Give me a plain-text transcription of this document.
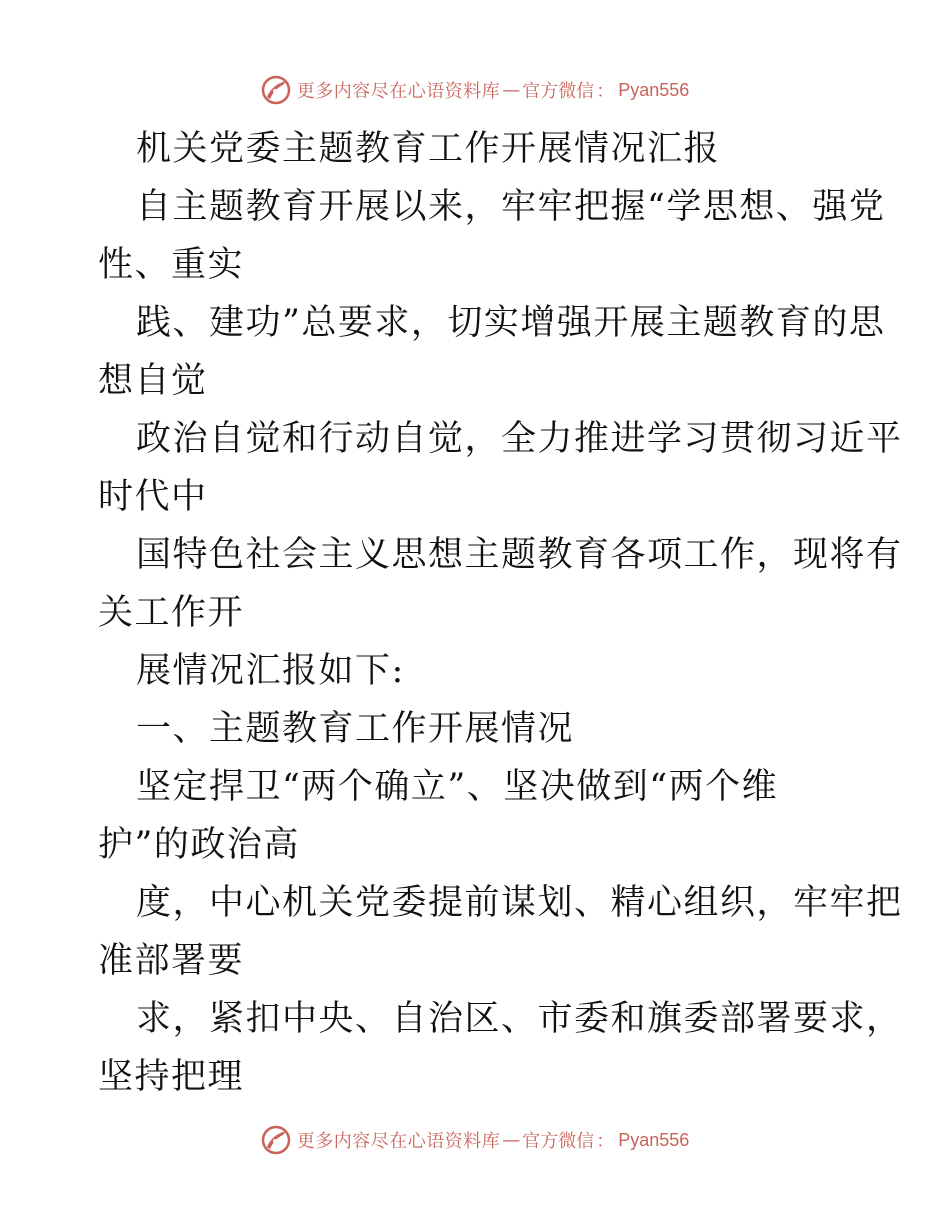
更多内容尽在心语资料库 — 官方微信 ： Pyan556
机关党委主题教育工作开展情况汇报
自主题教育开展以来，牢牢把握“学思想、强党
性、重实
践、建功”总要求，切实增强开展主题教育的思
想自觉
政治自觉和行动自觉，全力推进学习贯彻习近平
时代中
国特色社会主义思想主题教育各项工作，现将有
关工作开
展情况汇报如下:
一、主题教育工作开展情况
坚定捍卫“两个确立”、坚决做到“两个维
护”的政治高
度，中心机关党委提前谋划、精心组织，牢牢把
准部署要
求，紧扣中央、自治区、市委和旗委部署要求，
坚持把理
更多内容尽在心语资料库 — 官方微信 ： Pyan556
